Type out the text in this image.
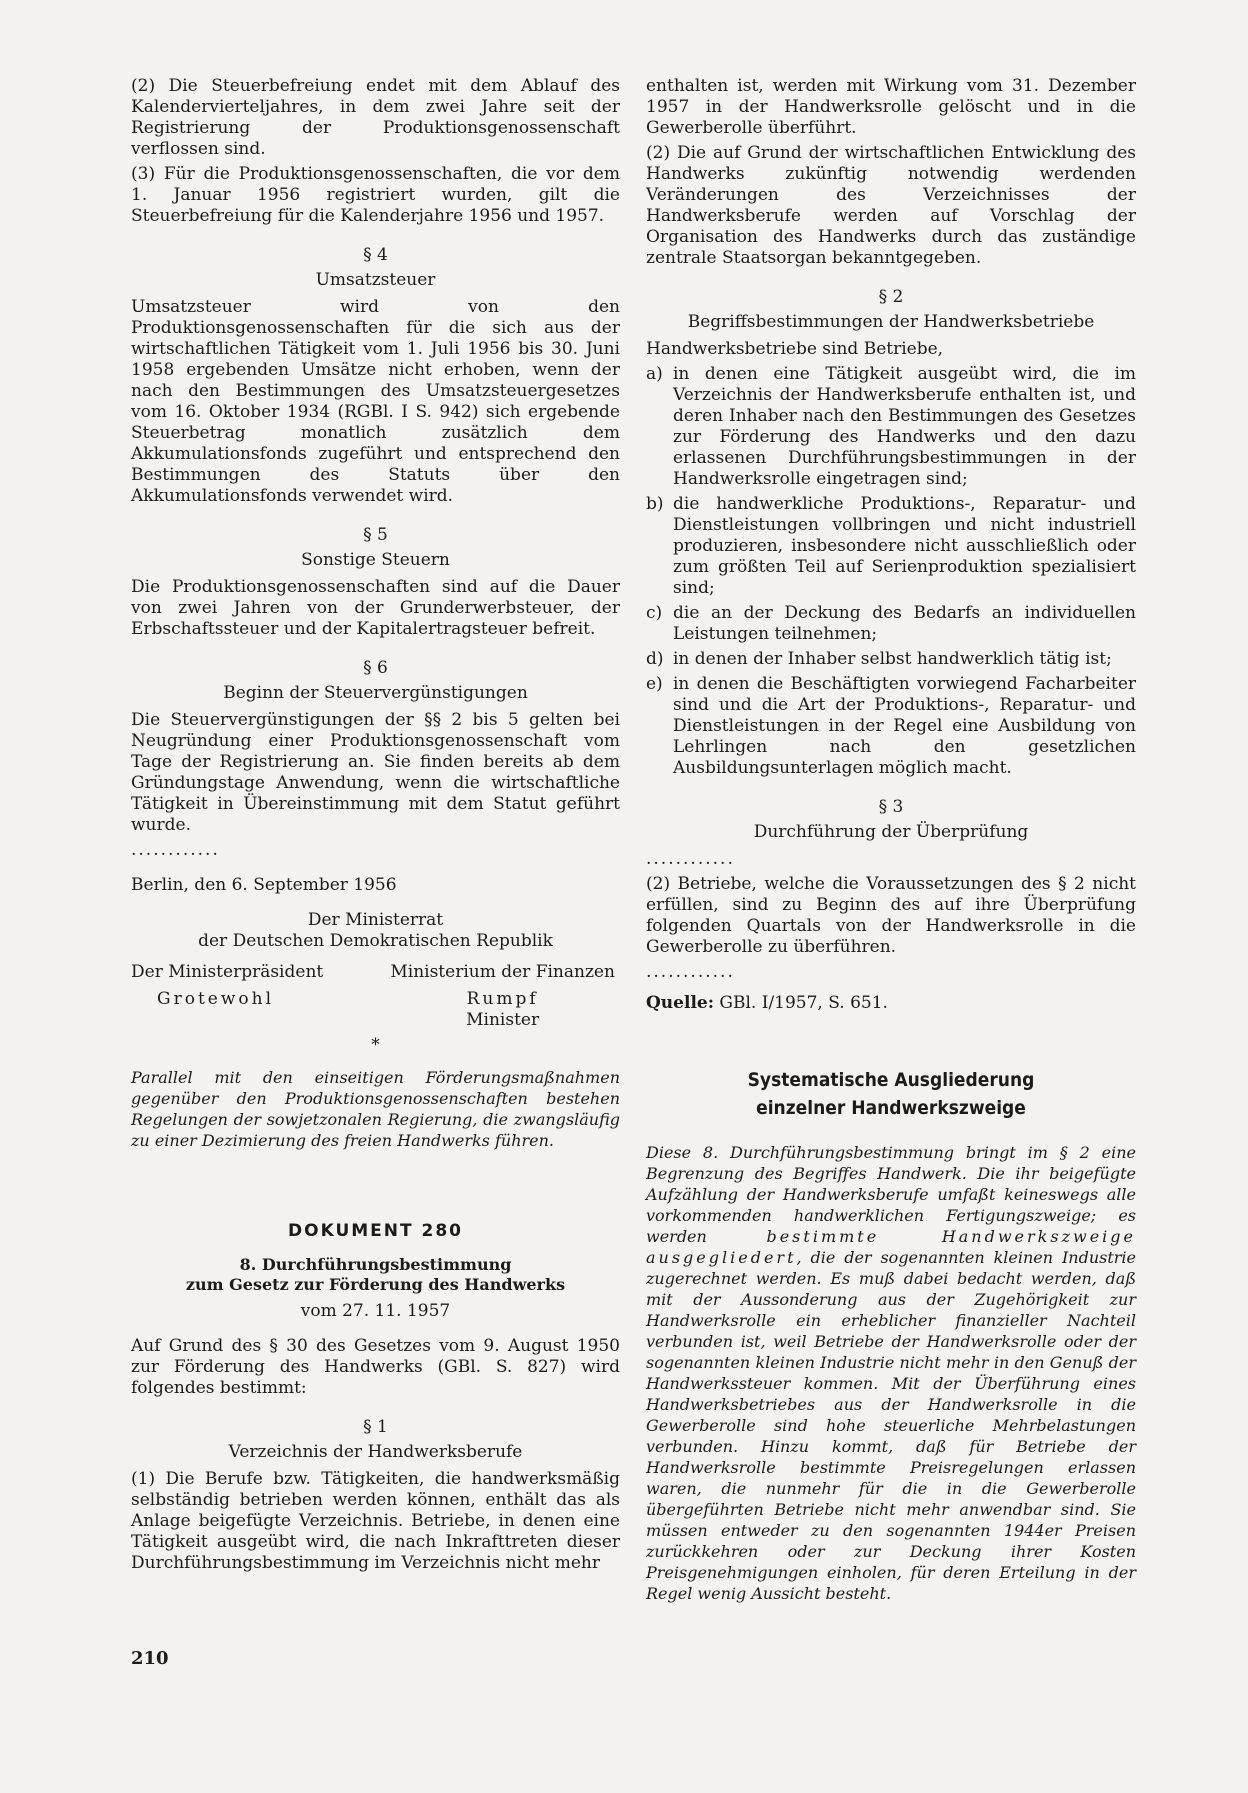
(2) Die Steuerbefreiung endet mit dem Ablauf des Kalendervierteljahres, in dem zwei Jahre seit der Registrierung der Produktionsgenossenschaft verflossen sind.

(3) Für die Produktionsgenossenschaften, die vor dem 1. Januar 1956 registriert wurden, gilt die Steuerbefreiung für die Kalenderjahre 1956 und 1957.

§ 4
Umsatzsteuer

Umsatzsteuer wird von den Produktionsgenossenschaften für die sich aus der wirtschaftlichen Tätigkeit vom 1. Juli 1956 bis 30. Juni 1958 ergebenden Umsätze nicht erhoben, wenn der nach den Bestimmungen des Umsatzsteuergesetzes vom 16. Oktober 1934 (RGBl. I S. 942) sich ergebende Steuerbetrag monatlich zusätzlich dem Akkumulationsfonds zugeführt und entsprechend den Bestimmungen des Statuts über den Akkumulationsfonds verwendet wird.

§ 5
Sonstige Steuern

Die Produktionsgenossenschaften sind auf die Dauer von zwei Jahren von der Grunderwerbsteuer, der Erbschaftssteuer und der Kapitalertragsteuer befreit.

§ 6
Beginn der Steuervergünstigungen

Die Steuervergünstigungen der §§ 2 bis 5 gelten bei Neugründung einer Produktionsgenossenschaft vom Tage der Registrierung an. Sie finden bereits ab dem Gründungstage Anwendung, wenn die wirtschaftliche Tätigkeit in Übereinstimmung mit dem Statut geführt wurde.

............

Berlin, den 6. September 1956

Der Ministerrat
der Deutschen Demokratischen Republik
Der Ministerpräsident
Grotewohl
Ministerium der Finanzen
Rumpf
Minister
*

Parallel mit den einseitigen Förderungsmaßnahmen gegenüber den Produktionsgenossenschaften bestehen Regelungen der sowjetzonalen Regierung, die zwangsläufig zu einer Dezimierung des freien Handwerks führen.

DOKUMENT 280
8. Durchführungsbestimmung
zum Gesetz zur Förderung des Handwerks
vom 27. 11. 1957

Auf Grund des § 30 des Gesetzes vom 9. August 1950 zur Förderung des Handwerks (GBl. S. 827) wird folgendes bestimmt:

§ 1
Verzeichnis der Handwerksberufe

(1) Die Berufe bzw. Tätigkeiten, die handwerksmäßig selbständig betrieben werden können, enthält das als Anlage beigefügte Verzeichnis. Betriebe, in denen eine Tätigkeit ausgeübt wird, die nach Inkrafttreten dieser Durchführungsbestimmung im Verzeichnis nicht mehr

enthalten ist, werden mit Wirkung vom 31. Dezember 1957 in der Handwerksrolle gelöscht und in die Gewerberolle überführt.

(2) Die auf Grund der wirtschaftlichen Entwicklung des Handwerks zukünftig notwendig werdenden Veränderungen des Verzeichnisses der Handwerksberufe werden auf Vorschlag der Organisation des Handwerks durch das zuständige zentrale Staatsorgan bekanntgegeben.

§ 2
Begriffsbestimmungen der Handwerksbetriebe

Handwerksbetriebe sind Betriebe,

a) in denen eine Tätigkeit ausgeübt wird, die im Verzeichnis der Handwerksberufe enthalten ist, und deren Inhaber nach den Bestimmungen des Gesetzes zur Förderung des Handwerks und den dazu erlassenen Durchführungsbestimmungen in der Handwerksrolle eingetragen sind;
b) die handwerkliche Produktions-, Reparatur- und Dienstleistungen vollbringen und nicht industriell produzieren, insbesondere nicht ausschließlich oder zum größten Teil auf Serienproduktion spezialisiert sind;
c) die an der Deckung des Bedarfs an individuellen Leistungen teilnehmen;
d) in denen der Inhaber selbst handwerklich tätig ist;
e) in denen die Beschäftigten vorwiegend Facharbeiter sind und die Art der Produktions-, Reparatur- und Dienstleistungen in der Regel eine Ausbildung von Lehrlingen nach den gesetzlichen Ausbildungsunterlagen möglich macht.
§ 3
Durchführung der Überprüfung
............

(2) Betriebe, welche die Voraussetzungen des § 2 nicht erfüllen, sind zu Beginn des auf ihre Überprüfung folgenden Quartals von der Handwerksrolle in die Gewerberolle zu überführen.

............

Quelle: GBl. I/1957, S. 651.

Systematische Ausgliederung
einzelner Handwerkszweige

Diese 8. Durchführungsbestimmung bringt im § 2 eine Begrenzung des Begriffes Handwerk. Die ihr beigefügte Aufzählung der Handwerksberufe umfaßt keineswegs alle vorkommenden handwerklichen Fertigungszweige; es werden bestimmte Handwerkszweige ausgegliedert, die der sogenannten kleinen Industrie zugerechnet werden. Es muß dabei bedacht werden, daß mit der Aussonderung aus der Zugehörigkeit zur Handwerksrolle ein erheblicher finanzieller Nachteil verbunden ist, weil Betriebe der Handwerksrolle oder der sogenannten kleinen Industrie nicht mehr in den Genuß der Handwerkssteuer kommen. Mit der Überführung eines Handwerksbetriebes aus der Handwerksrolle in die Gewerberolle sind hohe steuerliche Mehrbelastungen verbunden. Hinzu kommt, daß für Betriebe der Handwerksrolle bestimmte Preisregelungen erlassen waren, die nunmehr für die in die Gewerberolle übergeführten Betriebe nicht mehr anwendbar sind. Sie müssen entweder zu den sogenannten 1944er Preisen zurückkehren oder zur Deckung ihrer Kosten Preisgenehmigungen einholen, für deren Erteilung in der Regel wenig Aussicht besteht.

210
